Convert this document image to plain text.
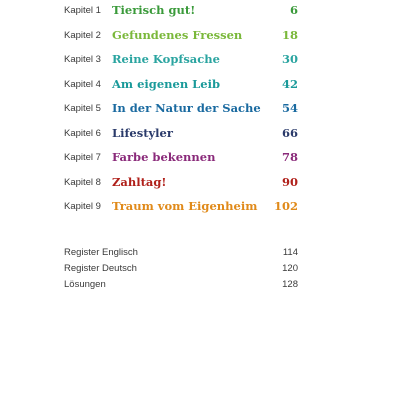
Kapitel 1 Tierisch gut!	6
Kapitel 2 Gefundenes Fressen	18
Kapitel 3 Reine Kopfsache	30
Kapitel 4 Am eigenen Leib	42
Kapitel 5 In der Natur der Sache 54
Kapitel 6 Lifestyler	66
Kapitel 7 Farbe bekennen	78
Kapitel 8 Zahltag!	90
Kapitel 9 Traum vom Eigenheim 102
Register Englisch	114
Register Deutsch	120
Lösungen	128
